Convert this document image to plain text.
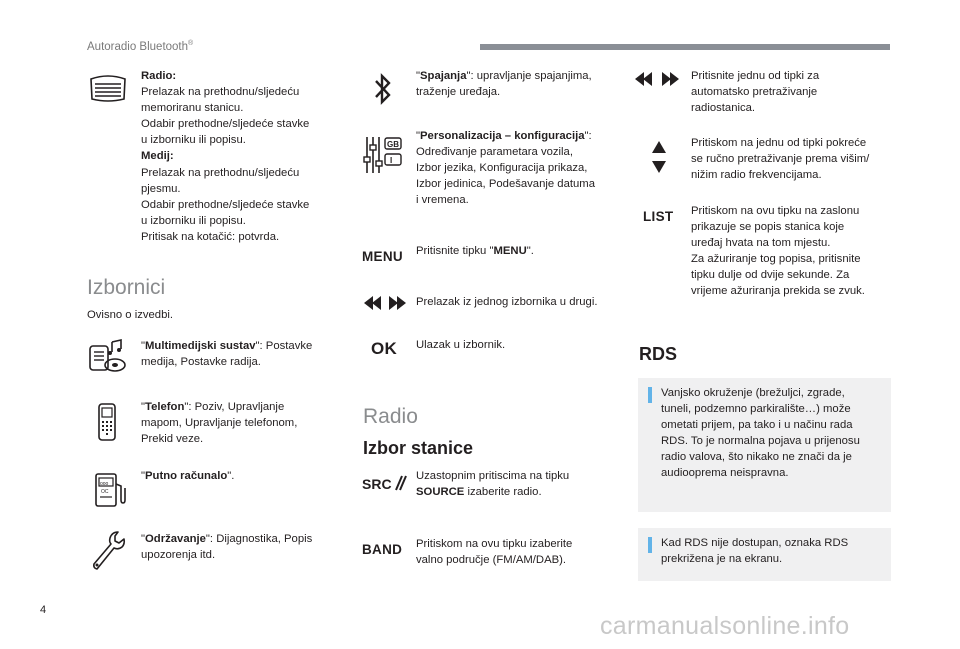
Autoradio Bluetooth®

Radio:

Prelazak na prethodnu/sljedeću

memoriranu stanicu.

Odabir prethodne/sljedeće stavke

u izborniku ili popisu.

Medij:

Prelazak na prethodnu/sljedeću

pjesmu.

Odabir prethodne/sljedeće stavke

u izborniku ili popisu.

Pritisak na kotačić: potvrda.

Izbornici
Ovisno o izvedbi.

"Multimedijski sustav": Postavke

medija, Postavke radija.

"Telefon": Poziv, Upravljanje

mapom, Upravljanje telefonom,

Prekid veze.

ooo
OC

"Putno računalo".

"Održavanje": Dijagnostika, Popis

upozorenja itd.

"Spajanja": upravljanje spajanjima,

traženje uređaja.

GB
I

"Personalizacija – konfiguracija":

Određivanje parametara vozila,

Izbor jezika, Konfiguracija prikaza,

Izbor jedinica, Podešavanje datuma

i vremena.

MENU Pritisnite tipku "MENU".

Prelazak iz jednog izbornika u drugi.
OK Ulazak u izbornik.
Radio
Izbor stanice
SRC Uzastopnim pritiscima na tipku

SOURCE izaberite radio.

BAND Pritiskom na ovu tipku izaberite

valno područje (FM/AM/DAB).

Pritisnite jednu od tipki za

automatsko pretraživanje

radiostanica.

Pritiskom na jednu od tipki pokreće

se ručno pretraživanje prema višim/

nižim radio frekvencijama.

LIST Pritiskom na ovu tipku na zaslonu

prikazuje se popis stanica koje

uređaj hvata na tom mjestu.

Za ažuriranje tog popisa, pritisnite

tipku dulje od dvije sekunde. Za

vrijeme ažuriranja prekida se zvuk.

RDS

Vanjsko okruženje (brežuljci, zgrade,

tuneli, podzemno parkiralište…) može

ometati prijem, pa tako i u načinu rada

RDS. To je normalna pojava u prijenosu

radio valova, što nikako ne znači da je

audiooprema neispravna.

Kad RDS nije dostupan, oznaka RDS

prekrižena je na ekranu.

4
carmanualsonline.info
